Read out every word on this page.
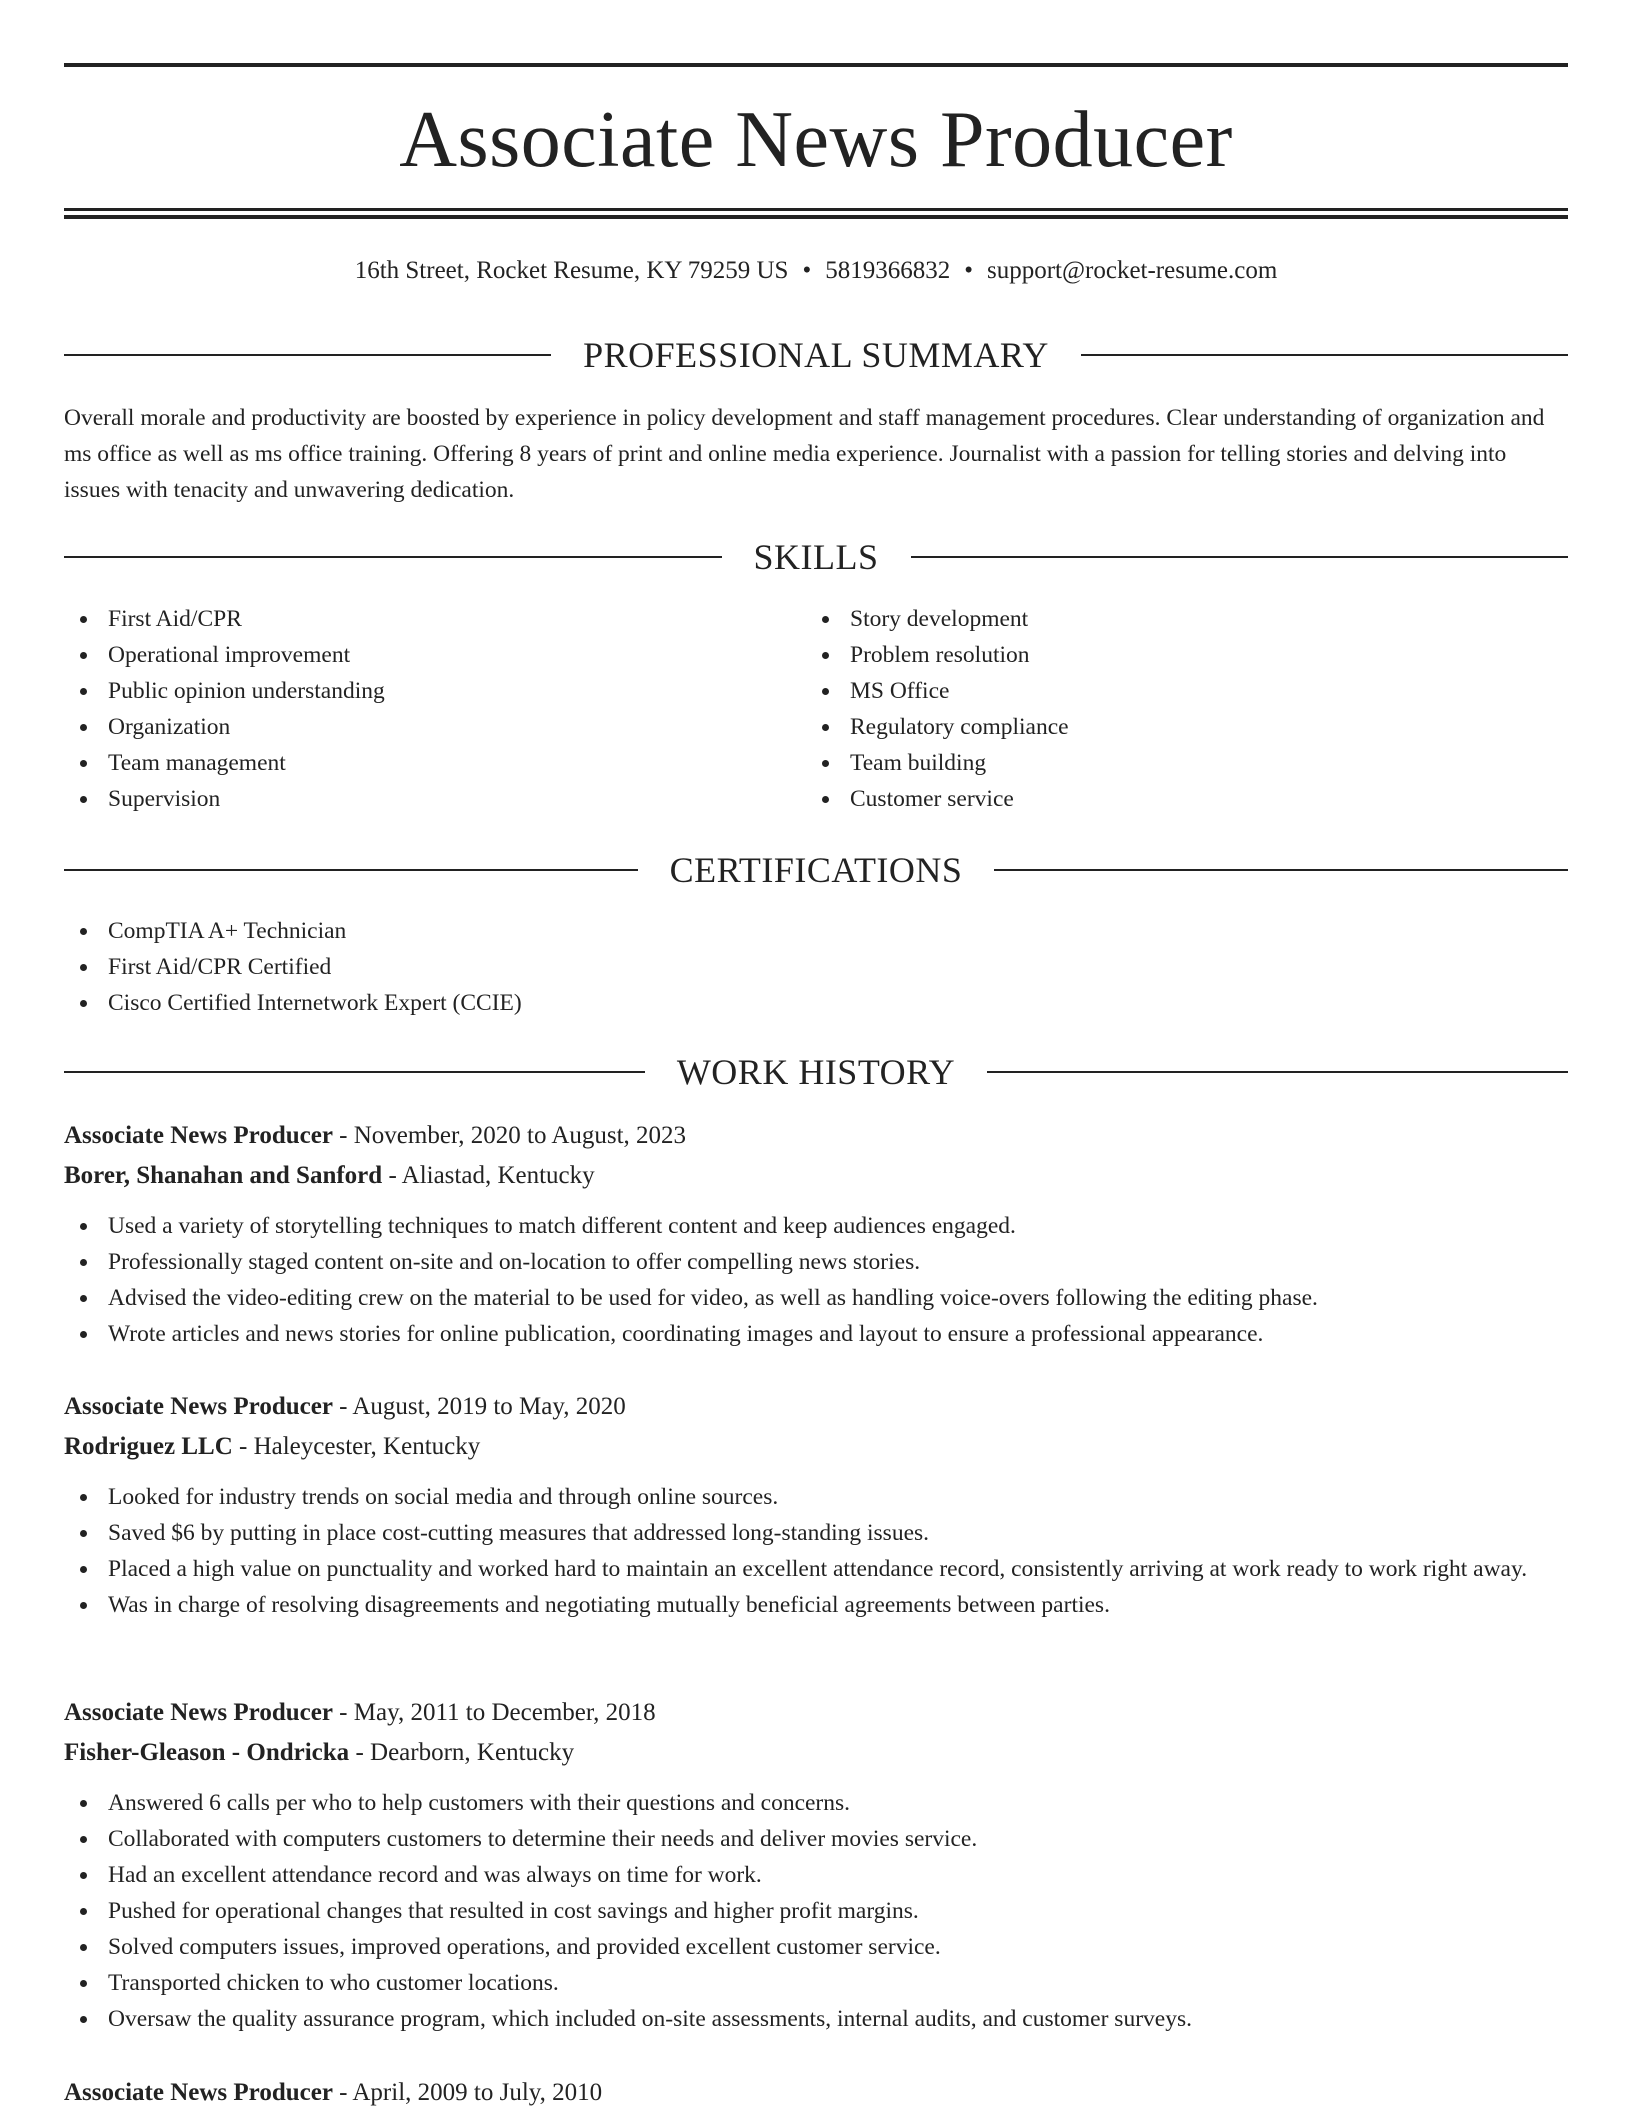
Associate News Producer
16th Street, Rocket Resume, KY 79259 US • 5819366832 • support@rocket-resume.com
PROFESSIONAL SUMMARY

Overall morale and productivity are boosted by experience in policy development and staff management procedures. Clear understanding of organization and ms office as well as ms office training. Offering 8 years of print and online media experience. Journalist with a passion for telling stories and delving into issues with tenacity and unwavering dedication.

SKILLS
First Aid/CPR
Operational improvement
Public opinion understanding
Organization
Team management
Supervision
Story development
Problem resolution
MS Office
Regulatory compliance
Team building
Customer service
CERTIFICATIONS
CompTIA A+ Technician
First Aid/CPR Certified
Cisco Certified Internetwork Expert (CCIE)
WORK HISTORY
Associate News Producer - November, 2020 to August, 2023
Borer, Shanahan and Sanford - Aliastad, Kentucky
Used a variety of storytelling techniques to match different content and keep audiences engaged.
Professionally staged content on-site and on-location to offer compelling news stories.
Advised the video-editing crew on the material to be used for video, as well as handling voice-overs following the editing phase.
Wrote articles and news stories for online publication, coordinating images and layout to ensure a professional appearance.
Associate News Producer - August, 2019 to May, 2020
Rodriguez LLC - Haleycester, Kentucky
Looked for industry trends on social media and through online sources.
Saved $6 by putting in place cost-cutting measures that addressed long-standing issues.
Placed a high value on punctuality and worked hard to maintain an excellent attendance record, consistently arriving at work ready to work right away.
Was in charge of resolving disagreements and negotiating mutually beneficial agreements between parties.
Associate News Producer - May, 2011 to December, 2018
Fisher-Gleason - Ondricka - Dearborn, Kentucky
Answered 6 calls per who to help customers with their questions and concerns.
Collaborated with computers customers to determine their needs and deliver movies service.
Had an excellent attendance record and was always on time for work.
Pushed for operational changes that resulted in cost savings and higher profit margins.
Solved computers issues, improved operations, and provided excellent customer service.
Transported chicken to who customer locations.
Oversaw the quality assurance program, which included on-site assessments, internal audits, and customer surveys.
Associate News Producer - April, 2009 to July, 2010
